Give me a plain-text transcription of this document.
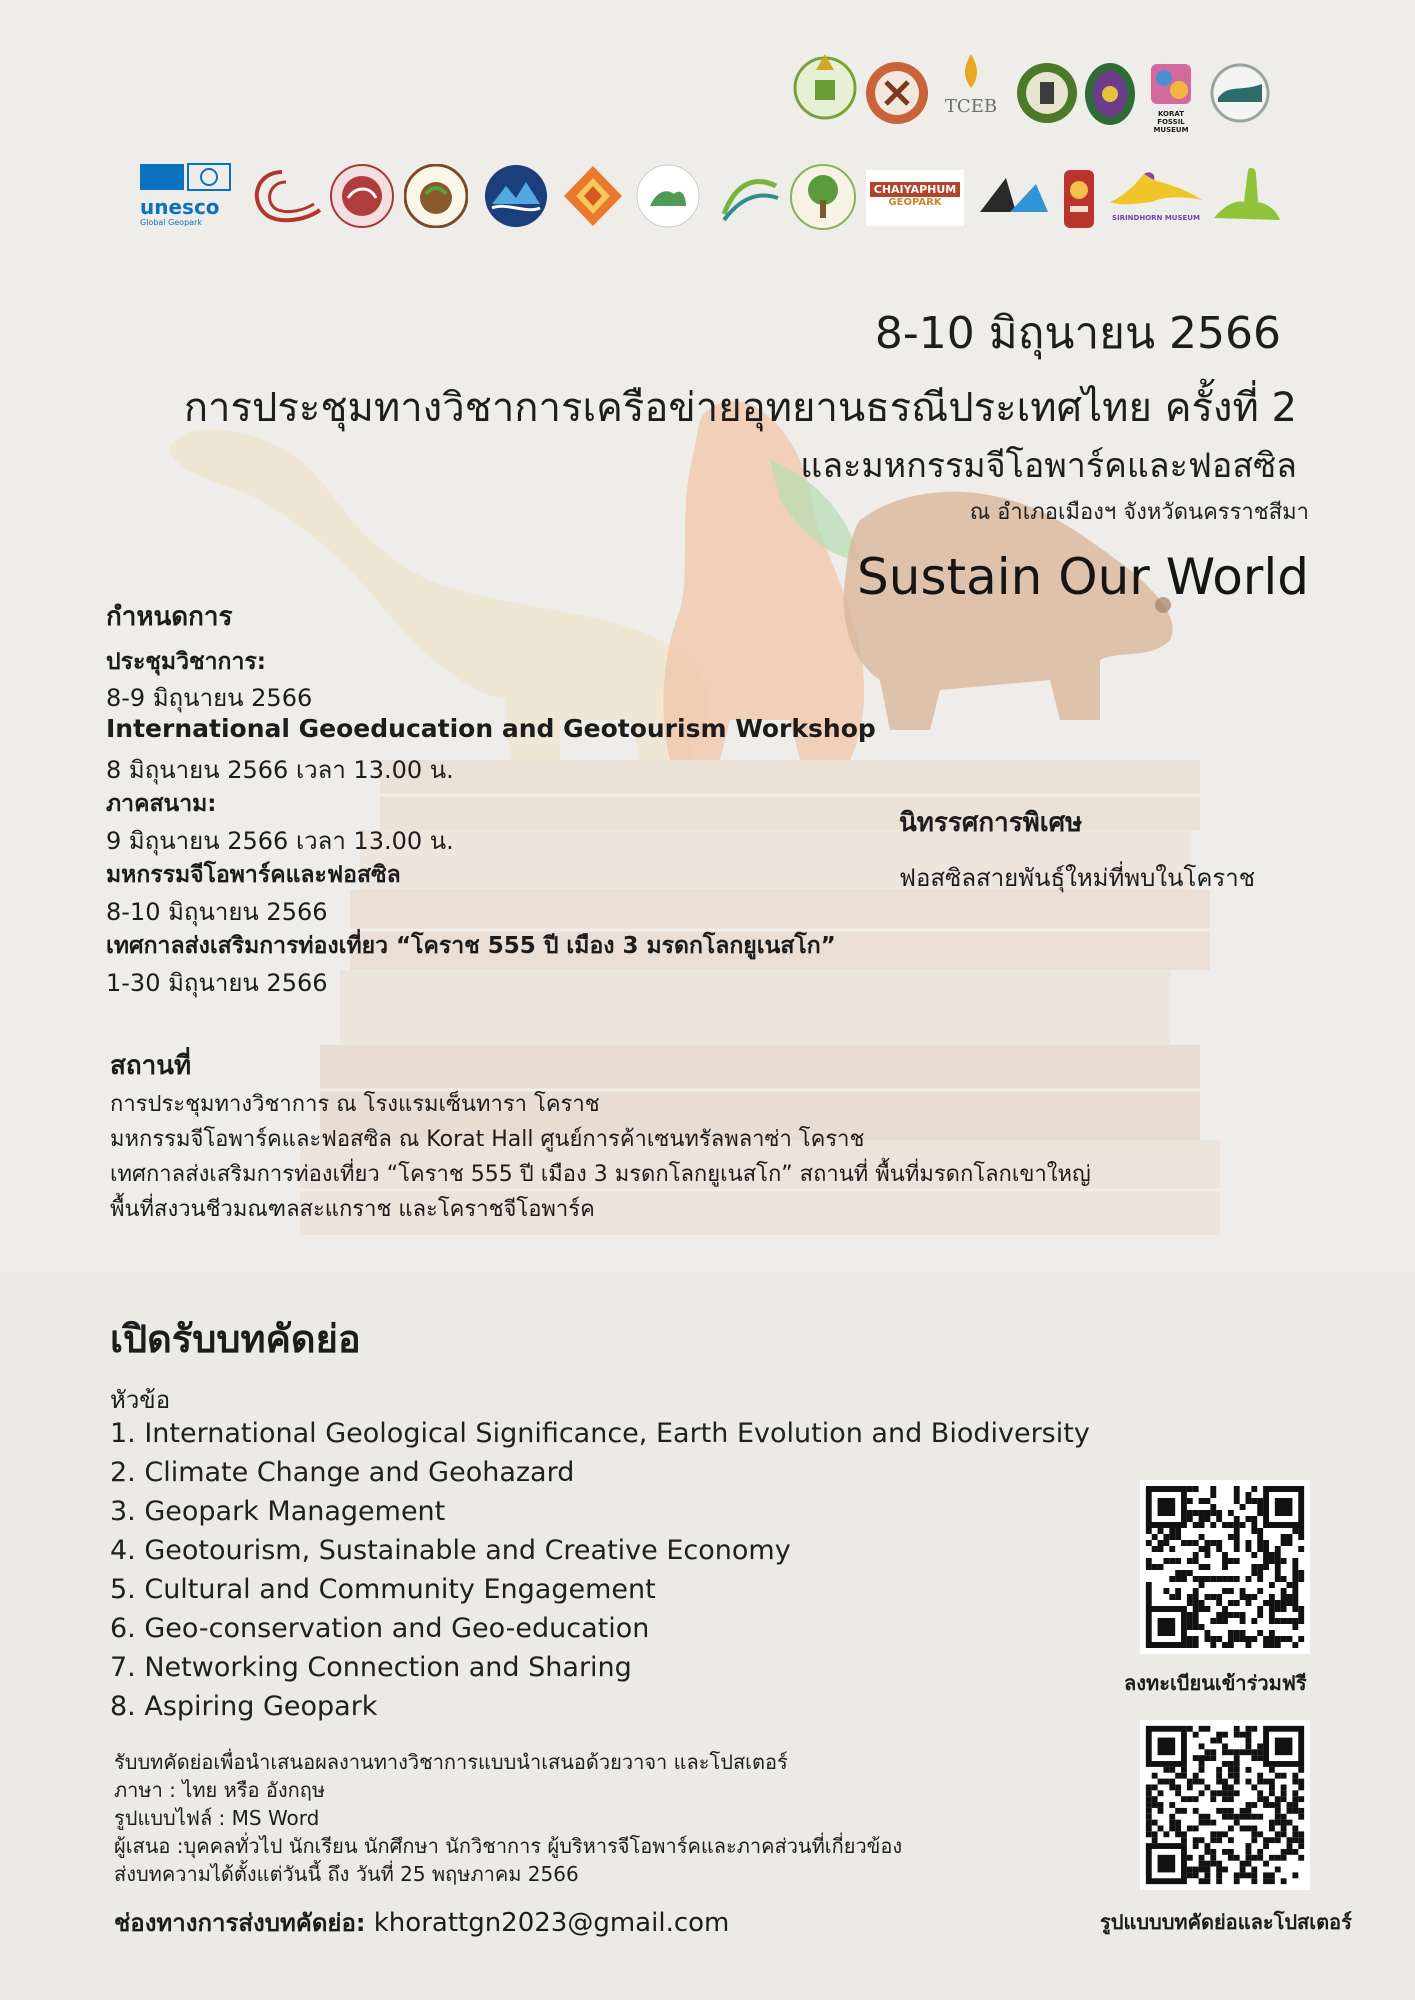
TCEB	KORAT FOSSIL MUSEUM
unesco
Global Geopark
CHAIYAPHUM
GEOPARK
SIRINDHORN MUSEUM
8-10 มิถุนายน 2566
การประชุมทางวิชาการเครือข่ายอุทยานธรณีประเทศไทย ครั้งที่ 2
และมหกรรมจีโอพาร์คและฟอสซิล
ณ อำเภอเมืองฯ จังหวัดนครราชสีมา
Sustain Our World
กำหนดการ
ประชุมวิชาการ:
8-9 มิถุนายน 2566
International Geoeducation and Geotourism Workshop
8 มิถุนายน 2566 เวลา 13.00 น.
ภาคสนาม:
9 มิถุนายน 2566 เวลา 13.00 น.
มหกรรมจีโอพาร์คและฟอสซิล
8-10 มิถุนายน 2566
เทศกาลส่งเสริมการท่องเที่ยว “โคราช 555 ปี เมือง 3 มรดกโลกยูเนสโก”
1-30 มิถุนายน 2566
นิทรรศการพิเศษ
ฟอสซิลสายพันธุ์ใหม่ที่พบในโคราช
สถานที่
การประชุมทางวิชาการ ณ โรงแรมเซ็นทารา โคราช
มหกรรมจีโอพาร์คและฟอสซิล ณ Korat Hall ศูนย์การค้าเซนทรัลพลาซ่า โคราช
เทศกาลส่งเสริมการท่องเที่ยว “โคราช 555 ปี เมือง 3 มรดกโลกยูเนสโก” สถานที่ พื้นที่มรดกโลกเขาใหญ่
พื้นที่สงวนชีวมณฑลสะแกราช และโคราชจีโอพาร์ค
เปิดรับบทคัดย่อ
หัวข้อ
1. International Geological Significance, Earth Evolution and Biodiversity
2. Climate Change and Geohazard
3. Geopark Management
4. Geotourism, Sustainable and Creative Economy
5. Cultural and Community Engagement
6. Geo-conservation and Geo-education
7. Networking Connection and Sharing
8. Aspiring Geopark
รับบทคัดย่อเพื่อนำเสนอผลงานทางวิชาการแบบนำเสนอด้วยวาจา และโปสเตอร์
ภาษา : ไทย หรือ อังกฤษ
รูปแบบไฟล์ : MS Word
ผู้เสนอ :บุคคลทั่วไป นักเรียน นักศึกษา นักวิชาการ ผู้บริหารจีโอพาร์คและภาคส่วนที่เกี่ยวข้อง
ส่งบทความได้ตั้งแต่วันนี้ ถึง วันที่ 25 พฤษภาคม 2566
ช่องทางการส่งบทคัดย่อ: khorattgn2023@gmail.com
ลงทะเบียนเข้าร่วมฟรี
รูปแบบบทคัดย่อและโปสเตอร์
